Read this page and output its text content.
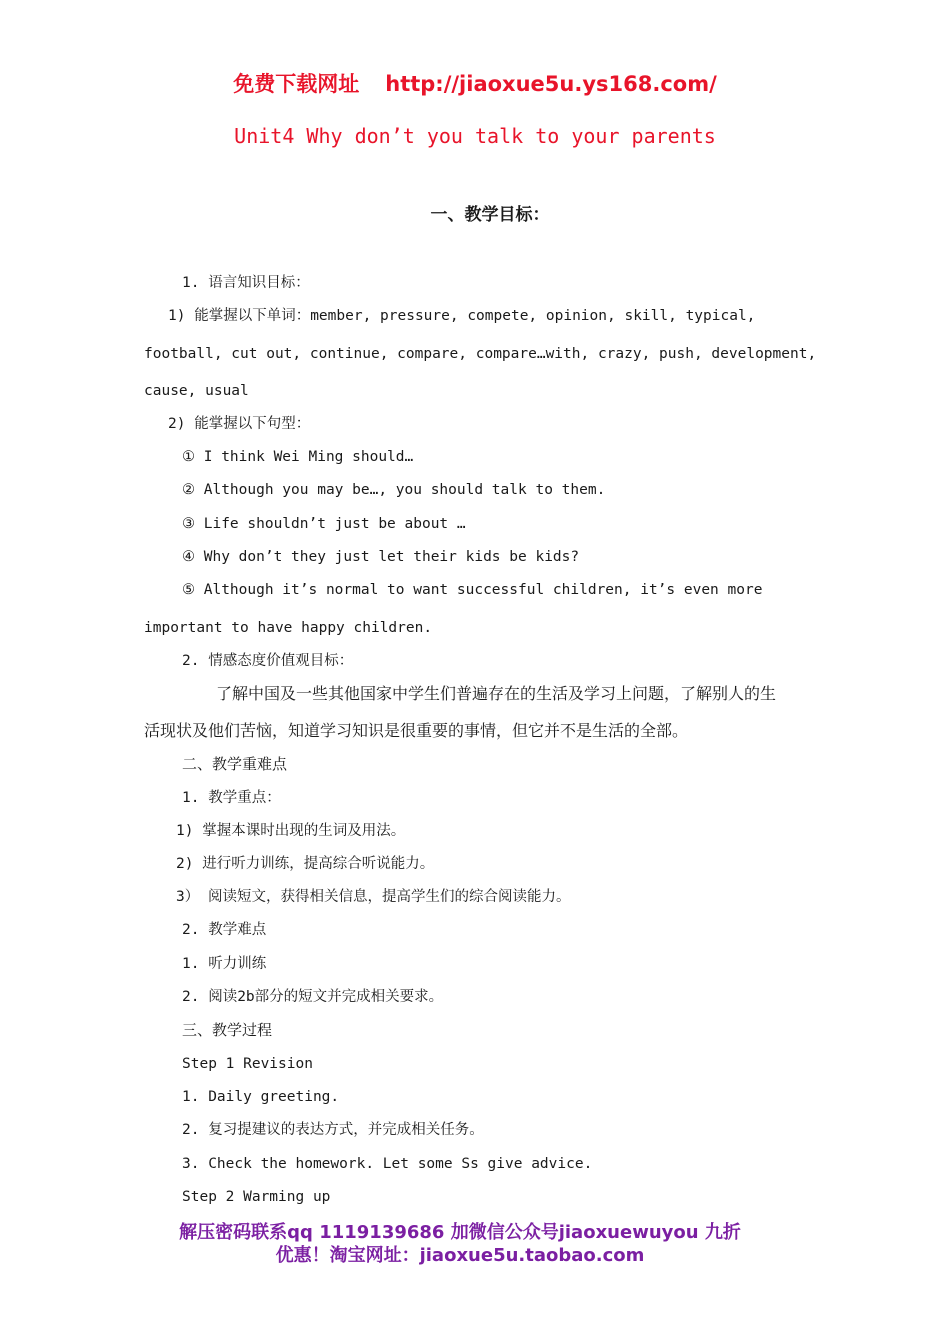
免费下载网址 http://jiaoxue5u.ys168.com/
Unit4 Why don’t you talk to your parents
一、教学目标：
1. 语言知识目标：
1) 能掌握以下单词：member, pressure, compete, opinion, skill, typical,
football, cut out, continue, compare, compare…with, crazy, push, development,
cause, usual
2) 能掌握以下句型：
① I think Wei Ming should…
② Although you may be…, you should talk to them.
③ Life shouldn’t just be about …
④ Why don’t they just let their kids be kids?
⑤ Although it’s normal to want successful children, it’s even more
important to have happy children.
2. 情感态度价值观目标：
了解中国及一些其他国家中学生们普遍存在的生活及学习上问题，了解别人的生
活现状及他们苦恼，知道学习知识是很重要的事情，但它并不是生活的全部。
二、教学重难点
1. 教学重点：
1) 掌握本课时出现的生词及用法。
2) 进行听力训练，提高综合听说能力。
3） 阅读短文，获得相关信息，提高学生们的综合阅读能力。
2. 教学难点
1. 听力训练
2. 阅读2b部分的短文并完成相关要求。
三、教学过程
Step 1 Revision
1. Daily greeting.
2. 复习提建议的表达方式，并完成相关任务。
3. Check the homework. Let some Ss give advice.
Step 2 Warming up
解压密码联系qq 1119139686 加微信公众号jiaoxuewuyou 九折
优惠！淘宝网址：jiaoxue5u.taobao.com
